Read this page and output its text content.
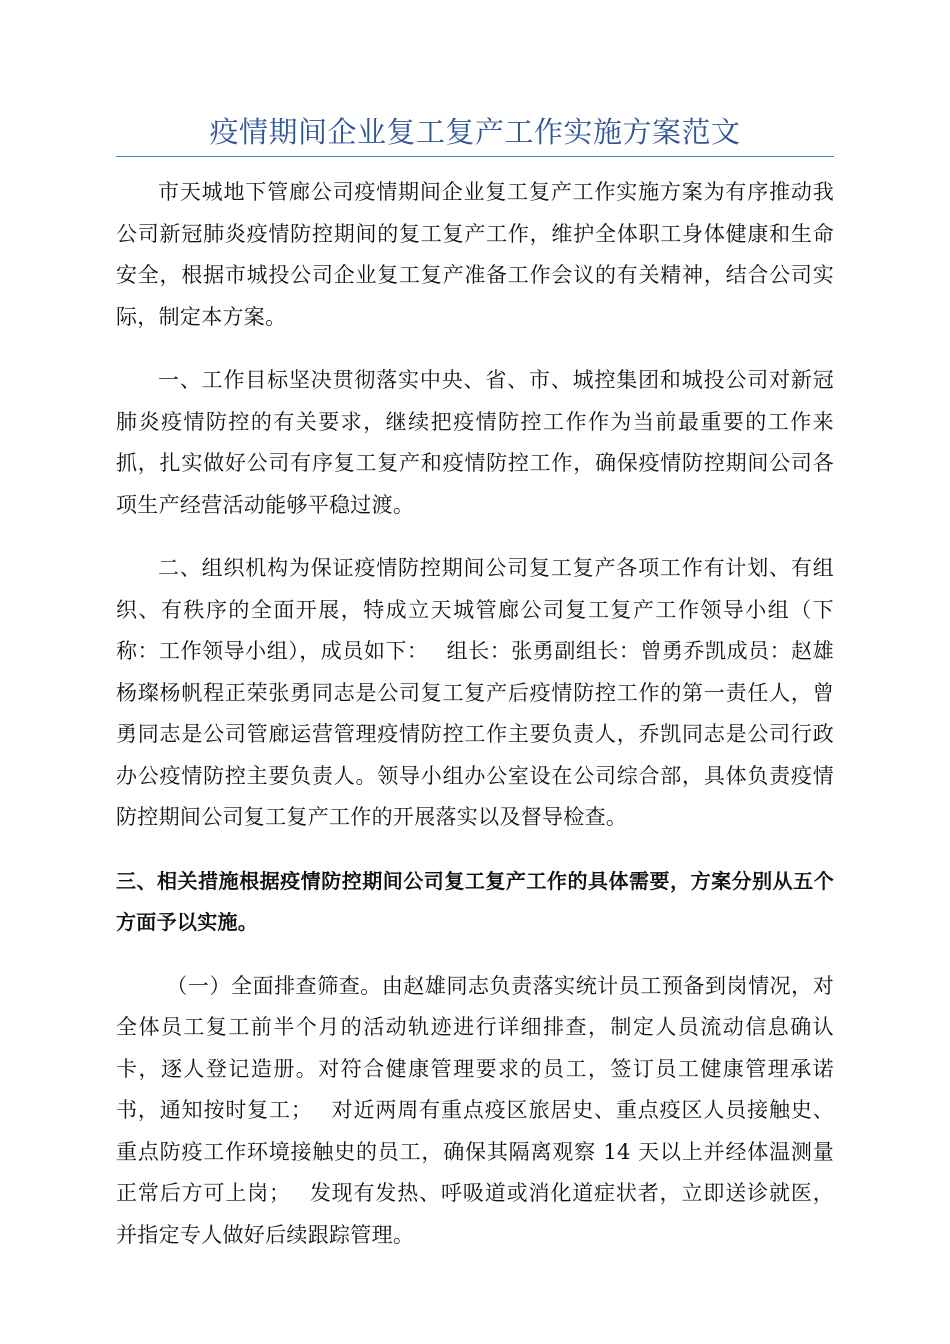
疫情期间企业复工复产工作实施方案范文

市天城地下管廊公司疫情期间企业复工复产工作实施方案为有序推动我公司新冠肺炎疫情防控期间的复工复产工作，维护全体职工身体健康和生命安全，根据市城投公司企业复工复产准备工作会议的有关精神，结合公司实际，制定本方案。

一、工作目标坚决贯彻落实中央、省、市、城控集团和城投公司对新冠肺炎疫情防控的有关要求，继续把疫情防控工作作为当前最重要的工作来抓，扎实做好公司有序复工复产和疫情防控工作，确保疫情防控期间公司各项生产经营活动能够平稳过渡。

二、组织机构为保证疫情防控期间公司复工复产各项工作有计划、有组织、有秩序的全面开展，特成立天城管廊公司复工复产工作领导小组（下称：工作领导小组），成员如下：　 组长：张勇副组长：曾勇乔凯成员：赵雄杨璨杨帆程正荣张勇同志是公司复工复产后疫情防控工作的第一责任人，曾勇同志是公司管廊运营管理疫情防控工作主要负责人，乔凯同志是公司行政办公疫情防控主要负责人。领导小组办公室设在公司综合部，具体负责疫情防控期间公司复工复产工作的开展落实以及督导检查。

三、相关措施根据疫情防控期间公司复工复产工作的具体需要，方案分别从五个方面予以实施。

（一）全面排查筛查。由赵雄同志负责落实统计员工预备到岗情况，对全体员工复工前半个月的活动轨迹进行详细排查，制定人员流动信息确认卡，逐人登记造册。对符合健康管理要求的员工，签订员工健康管理承诺书，通知按时复工；　 对近两周有重点疫区旅居史、重点疫区人员接触史、重点防疫工作环境接触史的员工，确保其隔离观察 14 天以上并经体温测量正常后方可上岗；　 发现有发热、呼吸道或消化道症状者，立即送诊就医，并指定专人做好后续跟踪管理。
